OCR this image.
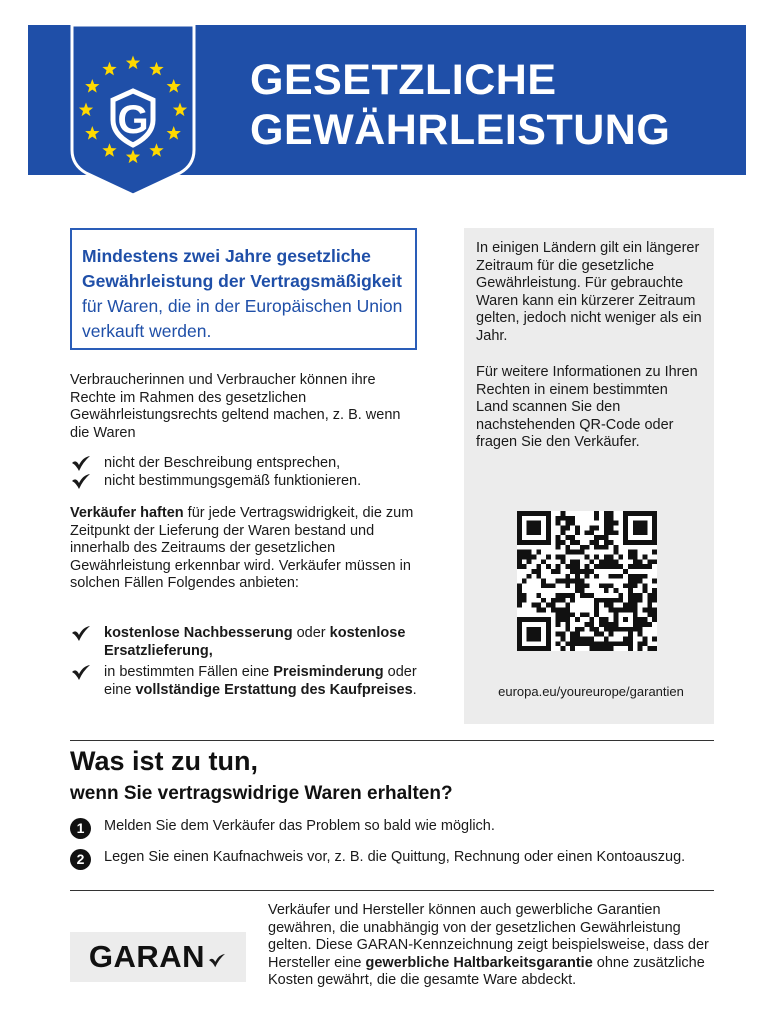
G
GESETZLICHE
GEWÄHRLEISTUNG
Mindestens zwei Jahre gesetzliche Gewährleistung der Vertragsmäßigkeit für Waren, die in der Europäischen Union verkauft werden.
Verbraucherinnen und Verbraucher können ihre Rechte im Rahmen des gesetzlichen Gewährleistungsrechts geltend machen, z. B. wenn die Waren
nicht der Beschreibung entsprechen,
nicht bestimmungsgemäß funktionieren.
Verkäufer haften für jede Vertragswidrigkeit, die zum Zeitpunkt der Lieferung der Waren bestand und innerhalb des Zeitraums der gesetzlichen Gewährleistung erkennbar wird. Verkäufer müssen in solchen Fällen Folgendes anbieten:
kostenlose Nachbesserung oder kostenlose Ersatzlieferung,
in bestimmten Fällen eine Preisminderung oder eine vollständige Erstattung des Kaufpreises.

In einigen Ländern gilt ein längerer Zeitraum für die gesetzliche Gewährleistung. Für gebrauchte Waren kann ein kürzerer Zeitraum gelten, jedoch nicht weniger als ein Jahr.

Für weitere Informationen zu Ihren Rechten in einem bestimmten Land scannen Sie den nachstehenden QR-Code oder fragen Sie den Verkäufer.

europa.eu/youreurope/garantien
Was ist zu tun,
wenn Sie vertragswidrige Waren erhalten?
1	Melden Sie dem Verkäufer das Problem so bald wie möglich.
2	Legen Sie einen Kaufnachweis vor, z. B. die Quittung, Rechnung oder einen Kontoauszug.
GARAN
Verkäufer und Hersteller können auch gewerbliche Garantien gewähren, die unabhängig von der gesetzlichen Gewährleistung gelten. Diese GARAN-Kennzeichnung zeigt beispielsweise, dass der Hersteller eine gewerbliche Haltbarkeitsgarantie ohne zusätzliche Kosten gewährt, die die gesamte Ware abdeckt.
